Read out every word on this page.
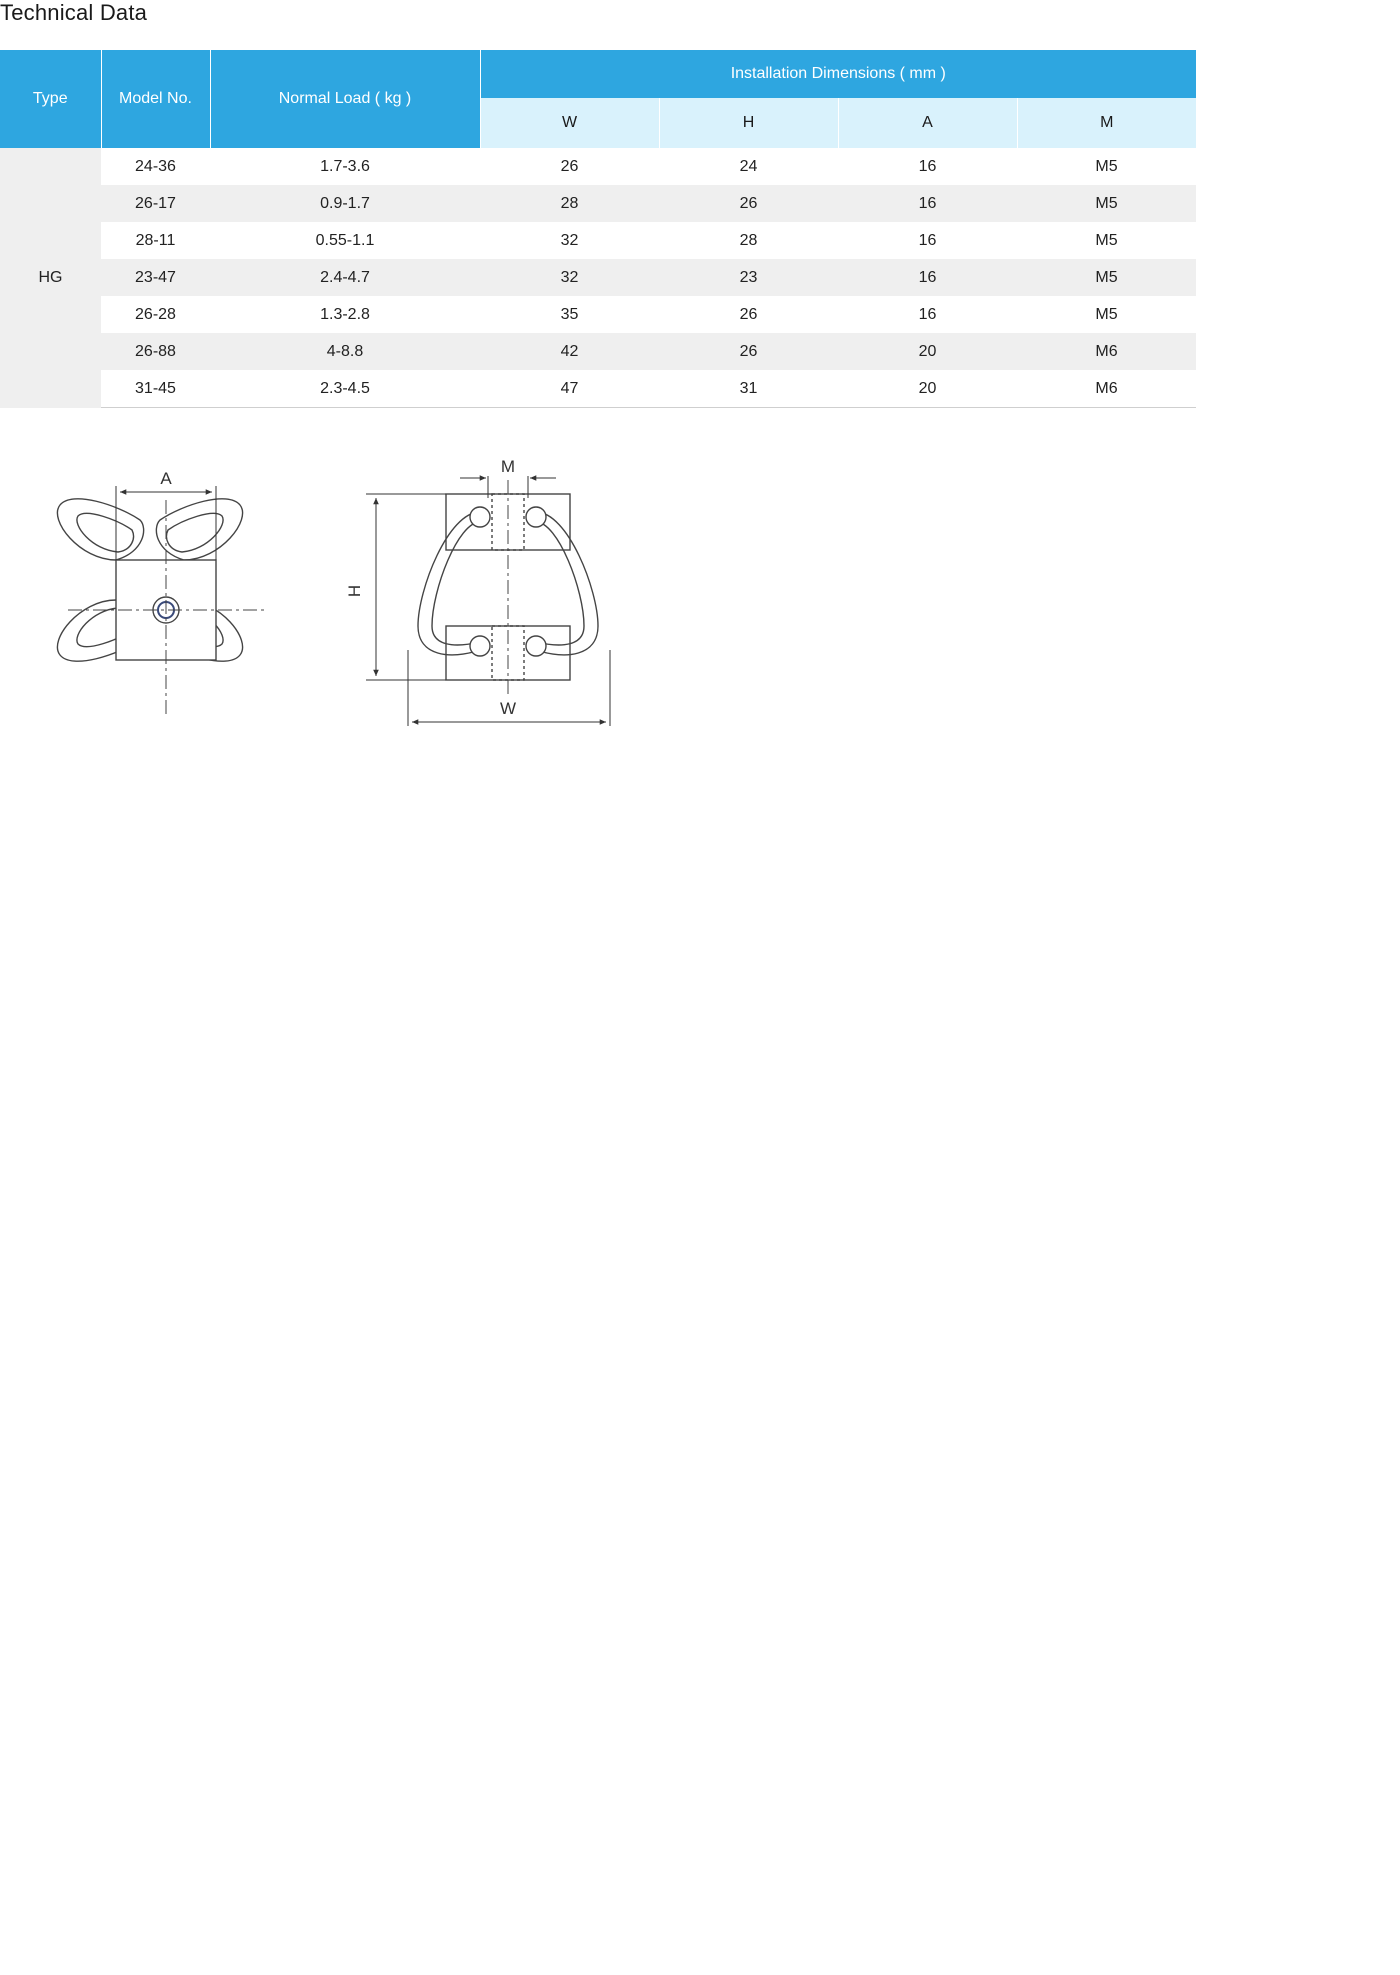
Technical Data
Type	Model No.	Normal Load ( kg )	Installation Dimensions ( mm )			
			W	H	A	M
HG	24-36	1.7-3.6	26	24	16	M5
	26-17	0.9-1.7	28	26	16	M5
	28-11	0.55-1.1	32	28	16	M5
	23-47	2.4-4.7	32	23	16	M5
	26-28	1.3-2.8	35	26	16	M5
	26-88	4-8.8	42	26	20	M6
	31-45	2.3-4.5	47	31	20	M6
A
M
H
W
